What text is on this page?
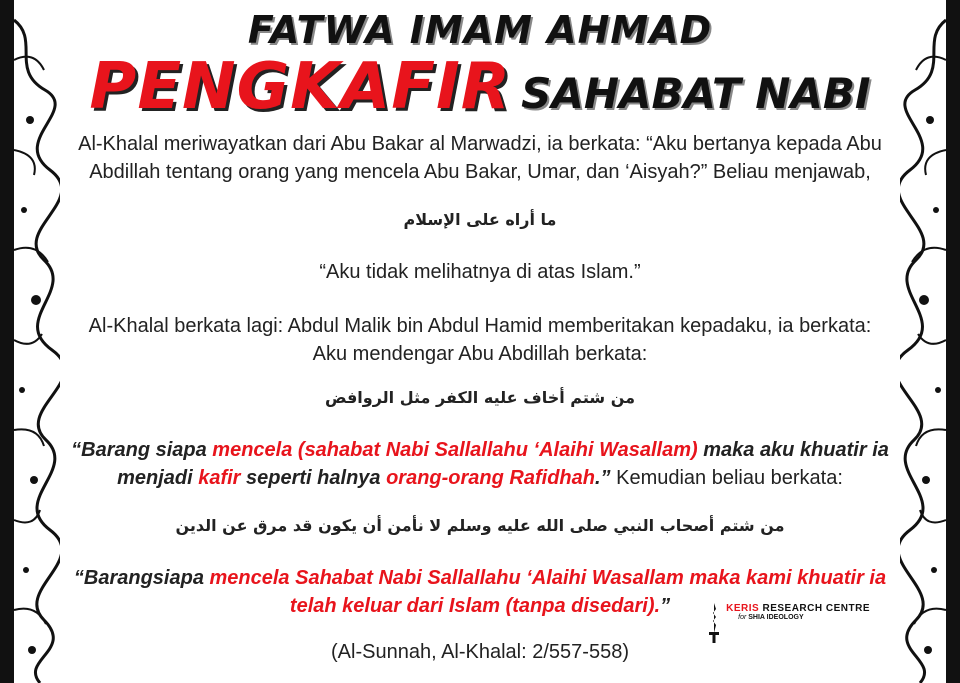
FATWA IMAM AHMAD
PENGKAFIR SAHABAT NABI
Al-Khalal meriwayatkan dari Abu Bakar al Marwadzi, ia berkata: “Aku bertanya kepada Abu Abdillah tentang orang yang mencela Abu Bakar, Umar, dan ‘Aisyah?” Beliau menjawab,
ما أراه على الإسلام
“Aku tidak melihatnya di atas Islam.”
Al-Khalal berkata lagi: Abdul Malik bin Abdul Hamid memberitakan kepadaku, ia berkata: Aku mendengar Abu Abdillah berkata:
من شتم أخاف عليه الكفر مثل الروافض
“Barang siapa mencela (sahabat Nabi Sallallahu ‘Alaihi Wasallam) maka aku khuatir ia menjadi kafir seperti halnya orang-orang Rafidhah.” Kemudian beliau berkata:
من شتم أصحاب النبي صلى الله عليه وسلم لا نأمن أن يكون قد مرق عن الدين
“Barangsiapa mencela Sahabat Nabi Sallallahu ‘Alaihi Wasallam maka kami khuatir ia telah keluar dari Islam (tanpa disedari).”
(Al-Sunnah, Al-Khalal: 2/557-558)
KERIS RESEARCH CENTRE
for SHIA IDEOLOGY
